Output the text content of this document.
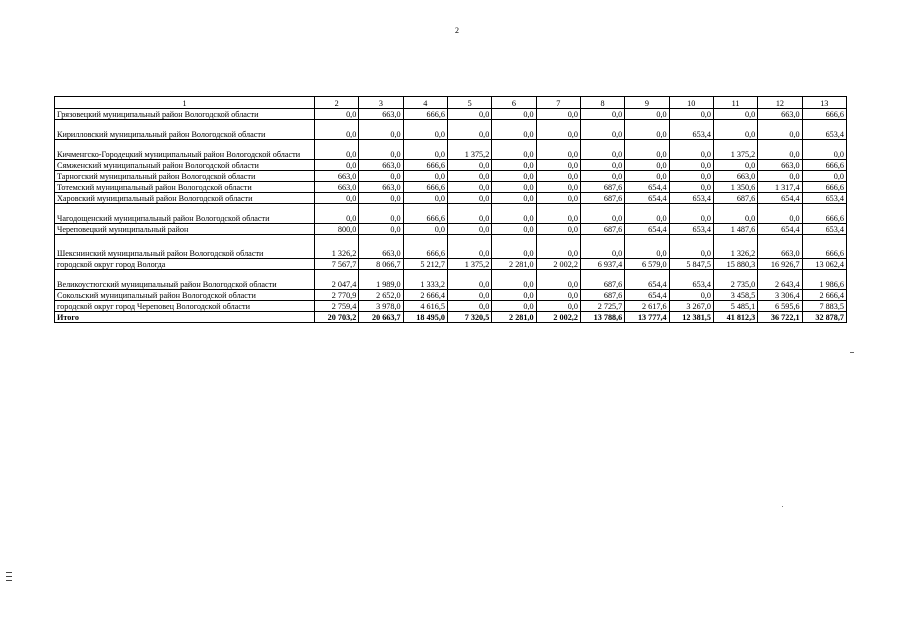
2
1	2	3	4	5	6	7	8	9	10	11	12	13
Грязовецкий муниципальный район Вологодской области	0,0	663,0	666,6	0,0	0,0	0,0	0,0	0,0	0,0	0,0	663,0	666,6
Кирилловский муниципальный район Вологодской области	0,0	0,0	0,0	0,0	0,0	0,0	0,0	0,0	653,4	0,0	0,0	653,4
Кичменгско-Городецкий муниципальный район Вологодской области	0,0	0,0	0,0	1 375,2	0,0	0,0	0,0	0,0	0,0	1 375,2	0,0	0,0
Сямженский муниципальный район Вологодской области	0,0	663,0	666,6	0,0	0,0	0,0	0,0	0,0	0,0	0,0	663,0	666,6
Тарногский муниципальный район Вологодской области	663,0	0,0	0,0	0,0	0,0	0,0	0,0	0,0	0,0	663,0	0,0	0,0
Тотемский муниципальный район Вологодской области	663,0	663,0	666,6	0,0	0,0	0,0	687,6	654,4	0,0	1 350,6	1 317,4	666,6
Харовский муниципальный район Вологодской области	0,0	0,0	0,0	0,0	0,0	0,0	687,6	654,4	653,4	687,6	654,4	653,4
Чагодощенский муниципальный район Вологодской области	0,0	0,0	666,6	0,0	0,0	0,0	0,0	0,0	0,0	0,0	0,0	666,6
Череповецкий муниципальный район	800,0	0,0	0,0	0,0	0,0	0,0	687,6	654,4	653,4	1 487,6	654,4	653,4
Шекснинский муниципальный район Вологодской области	1 326,2	663,0	666,6	0,0	0,0	0,0	0,0	0,0	0,0	1 326,2	663,0	666,6
городской округ город Вологда	7 567,7	8 066,7	5 212,7	1 375,2	2 281,0	2 002,2	6 937,4	6 579,0	5 847,5	15 880,3	16 926,7	13 062,4
Великоустюгский муниципальный район Вологодской области	2 047,4	1 989,0	1 333,2	0,0	0,0	0,0	687,6	654,4	653,4	2 735,0	2 643,4	1 986,6
Сокольский муниципальный район Вологодской области	2 770,9	2 652,0	2 666,4	0,0	0,0	0,0	687,6	654,4	0,0	3 458,5	3 306,4	2 666,4
городской округ город Череповец Вологодской области	2 759,4	3 978,0	4 616,5	0,0	0,0	0,0	2 725,7	2 617,6	3 267,0	5 485,1	6 595,6	7 883,5
Итого	20 703,2	20 663,7	18 495,0	7 320,5	2 281,0	2 002,2	13 788,6	13 777,4	12 381,5	41 812,3	36 722,1	32 878,7
